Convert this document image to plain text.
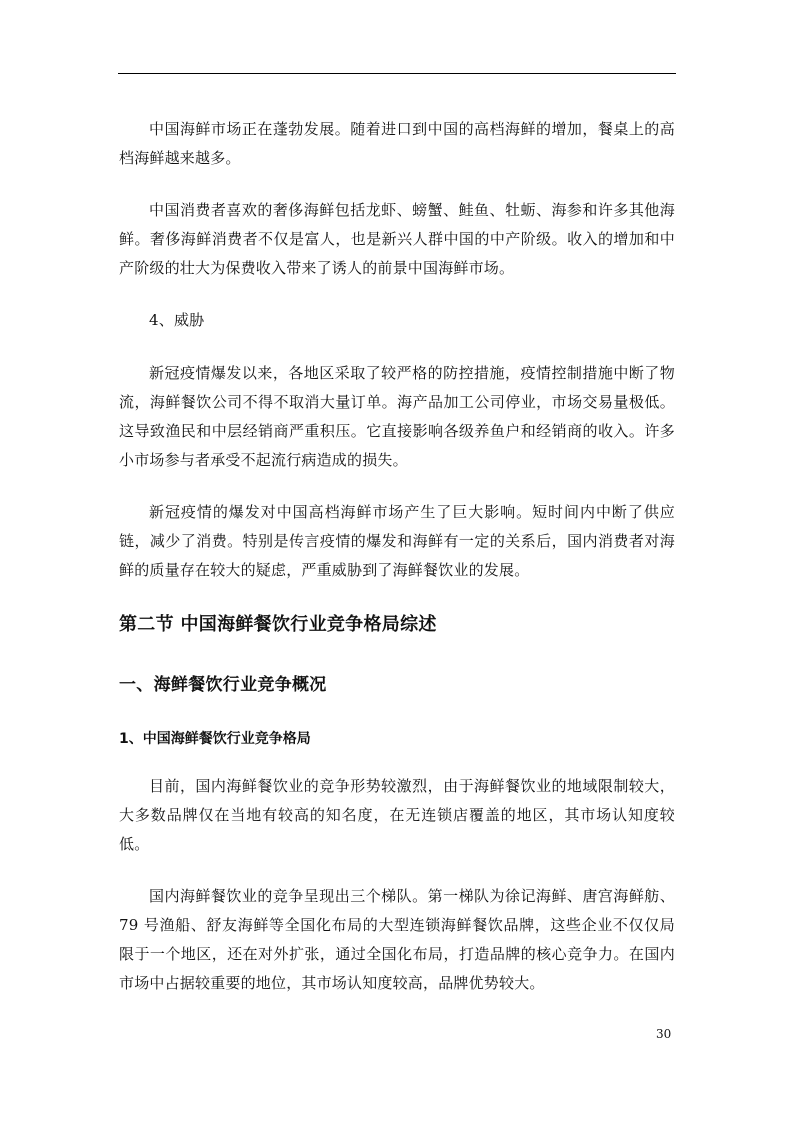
中国海鲜市场正在蓬勃发展。随着进口到中国的高档海鲜的增加，餐桌上的高档海鲜越来越多。

中国消费者喜欢的奢侈海鲜包括龙虾、螃蟹、鲑鱼、牡蛎、海参和许多其他海鲜。奢侈海鲜消费者不仅是富人，也是新兴人群中国的中产阶级。收入的增加和中产阶级的壮大为保费收入带来了诱人的前景中国海鲜市场。

4、威胁

新冠疫情爆发以来，各地区采取了较严格的防控措施，疫情控制措施中断了物流，海鲜餐饮公司不得不取消大量订单。海产品加工公司停业，市场交易量极低。这导致渔民和中层经销商严重积压。它直接影响各级养鱼户和经销商的收入。许多小市场参与者承受不起流行病造成的损失。

新冠疫情的爆发对中国高档海鲜市场产生了巨大影响。短时间内中断了供应链，减少了消费。特别是传言疫情的爆发和海鲜有一定的关系后，国内消费者对海鲜的质量存在较大的疑虑，严重威胁到了海鲜餐饮业的发展。

第二节 中国海鲜餐饮行业竞争格局综述
一、海鲜餐饮行业竞争概况
1、中国海鲜餐饮行业竞争格局

目前，国内海鲜餐饮业的竞争形势较激烈，由于海鲜餐饮业的地域限制较大，大多数品牌仅在当地有较高的知名度，在无连锁店覆盖的地区，其市场认知度较低。

国内海鲜餐饮业的竞争呈现出三个梯队。第一梯队为徐记海鲜、唐宫海鲜舫、79 号渔船、舒友海鲜等全国化布局的大型连锁海鲜餐饮品牌，这些企业不仅仅局限于一个地区，还在对外扩张，通过全国化布局，打造品牌的核心竞争力。在国内市场中占据较重要的地位，其市场认知度较高，品牌优势较大。

30
